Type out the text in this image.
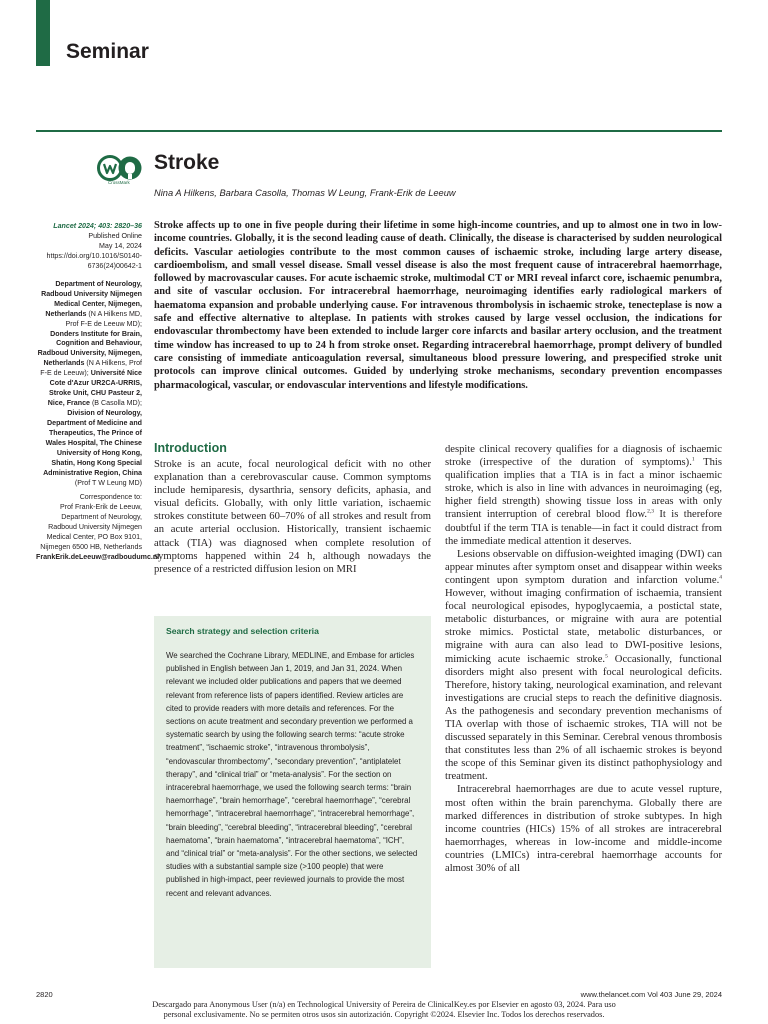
Seminar
CrossMark
Stroke
Nina A Hilkens, Barbara Casolla, Thomas W Leung, Frank-Erik de Leeuw

Lancet 2024; 403: 2820–36

Published Online

May 14, 2024

https://doi.org/10.1016/S0140-6736(24)00642-1

Department of Neurology, Radboud University Nijmegen Medical Center, Nijmegen, Netherlands (N A Hilkens MD, Prof F-E de Leeuw MD); Donders Institute for Brain, Cognition and Behaviour, Radboud University, Nijmegen, Netherlands (N A Hilkens, Prof F-E de Leeuw); Université Nice Cote d'Azur UR2CA-URRIS, Stroke Unit, CHU Pasteur 2, Nice, France (B Casolla MD); Division of Neurology, Department of Medicine and Therapeutics, The Prince of Wales Hospital, The Chinese University of Hong Kong, Shatin, Hong Kong Special Administrative Region, China (Prof T W Leung MD)

Correspondence to:

Prof Frank-Erik de Leeuw, Department of Neurology, Radboud University Nijmegen Medical Center, PO Box 9101, Nijmegen 6500 HB, Netherlands

FrankErik.deLeeuw@radboudumc.nl

Stroke affects up to one in five people during their lifetime in some high-income countries, and up to almost one in two in low-income countries. Globally, it is the second leading cause of death. Clinically, the disease is characterised by sudden neurological deficits. Vascular aetiologies contribute to the most common causes of ischaemic stroke, including large artery disease, cardioembolism, and small vessel disease. Small vessel disease is also the most frequent cause of intracerebral haemorrhage, followed by macrovascular causes. For acute ischaemic stroke, multimodal CT or MRI reveal infarct core, ischaemic penumbra, and site of vascular occlusion. For intracerebral haemorrhage, neuroimaging identifies early radiological markers of haematoma expansion and probable underlying cause. For intravenous thrombolysis in ischaemic stroke, tenecteplase is now a safe and effective alternative to alteplase. In patients with strokes caused by large vessel occlusion, the indications for endovascular thrombectomy have been extended to include larger core infarcts and basilar artery occlusion, and the treatment time window has increased to up to 24 h from stroke onset. Regarding intracerebral haemorrhage, prompt delivery of bundled care consisting of immediate anticoagulation reversal, simultaneous blood pressure lowering, and prespecified stroke unit protocols can improve clinical outcomes. Guided by underlying stroke mechanisms, secondary prevention encompasses pharmacological, vascular, or endovascular interventions and lifestyle modifications.

Introduction

Stroke is an acute, focal neurological deficit with no other explanation than a cerebrovascular cause. Common symptoms include hemiparesis, dysarthria, sensory deficits, aphasia, and visual deficits. Globally, with only little variation, ischaemic strokes constitute between 60–70% of all strokes and result from an acute arterial occlusion. Historically, transient ischaemic attack (TIA) was diagnosed when complete resolution of symptoms happened within 24 h, although nowadays the presence of a restricted diffusion lesion on MRI

Search strategy and selection criteria

We searched the Cochrane Library, MEDLINE, and Embase for articles published in English between Jan 1, 2019, and Jan 31, 2024. When relevant we included older publications and papers that we deemed relevant from reference lists of papers identified. Review articles are cited to provide readers with more details and references. For the sections on acute treatment and secondary prevention we performed a systematic search by using the following search terms: “acute stroke treatment”, “ischaemic stroke”, “intravenous thrombolysis”, “endovascular thrombectomy”, “secondary prevention”, “antiplatelet therapy”, and “clinical trial” or “meta-analysis”. For the section on intracerebral haemorrhage, we used the following search terms: “brain haemorrhage”, “brain hemorrhage”, “cerebral haemorrhage”, “cerebral hemorrhage”, “intracerebral haemorrhage”, “intracerebral hemorrhage”, “brain bleeding”, “cerebral bleeding”, “intracerebral bleeding”, “cerebral haematoma”, “brain haematoma”, “intracerebral haematoma”, “ICH”, and “clinical trial” or “meta-analysis”. For the other sections, we selected studies with a substantial sample size (>100 people) that were published in high-impact, peer reviewed journals to provide the most recent and relevant advances.

despite clinical recovery qualifies for a diagnosis of ischaemic stroke (irrespective of the duration of symptoms).$^1$ This qualification implies that a TIA is in fact a minor ischaemic stroke, which is also in line with advances in neuroimaging (eg, higher field strength) showing tissue loss in areas with only transient interruption of cerebral blood flow.$^{2,3}$ It is therefore doubtful if the term TIA is tenable—in fact it could distract from the immediate medical attention it deserves.

Lesions observable on diffusion-weighted imaging (DWI) can appear minutes after symptom onset and disappear within weeks contingent upon symptom duration and infarction volume.$^4$ However, without imaging confirmation of ischaemia, transient focal neurological episodes, hypoglycaemia, a postictal state, metabolic disturbances, or migraine with aura are potential stroke mimics. Postictal state, metabolic disturbances, or migraine with aura can also lead to DWI-positive lesions, mimicking acute ischaemic stroke.$^5$ Occasionally, functional disorders might also present with focal neurological deficits. Therefore, history taking, neurological examination, and relevant investigations are crucial steps to reach the definitive diagnosis. As the pathogenesis and secondary prevention mechanisms of TIA overlap with those of ischaemic strokes, TIA will not be discussed separately in this Seminar. Cerebral venous thrombosis that constitutes less than 2% of all ischaemic strokes is beyond the scope of this Seminar given its distinct pathophysiology and treatment.

Intracerebral haemorrhages are due to acute vessel rupture, most often within the brain parenchyma. Globally there are marked differences in distribution of stroke subtypes. In high income countries (HICs) 15% of all strokes are intracerebral haemorrhages, whereas in low-income and middle-income countries (LMICs) intra-cerebral haemorrhage accounts for almost 30% of all

2820	www.thelancet.com Vol 403 June 29, 2024
Descargado para Anonymous User (n/a) en Technological University of Pereira de ClinicalKey.es por Elsevier en agosto 03, 2024. Para uso
personal exclusivamente. No se permiten otros usos sin autorización. Copyright ©2024. Elsevier Inc. Todos los derechos reservados.
